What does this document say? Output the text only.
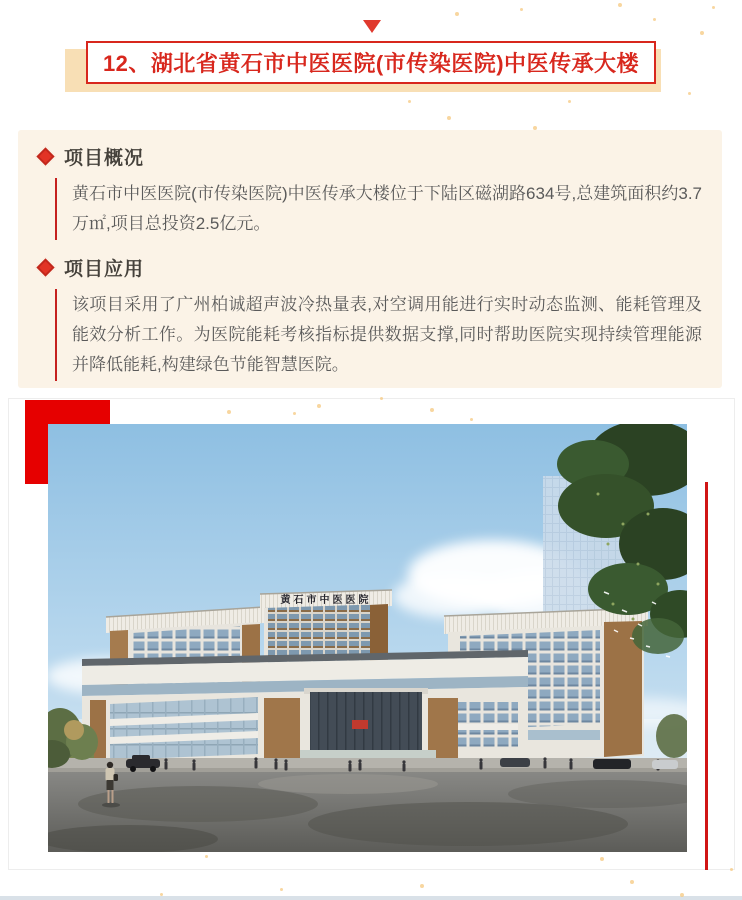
12、湖北省黄石市中医医院(市传染医院)中医传承大楼
项目概况

黄石市中医医院(市传染医院)中医传承大楼位于下陆区磁湖路634号,总建筑面积约3.7万㎡,项目总投资2.5亿元。

项目应用

该项目采用了广州柏诚超声波冷热量表,对空调用能进行实时动态监测、能耗管理及能效分析工作。为医院能耗考核指标提供数据支撑,同时帮助医院实现持续管理能源并降低能耗,构建绿色节能智慧医院。

黄石市中医医院
